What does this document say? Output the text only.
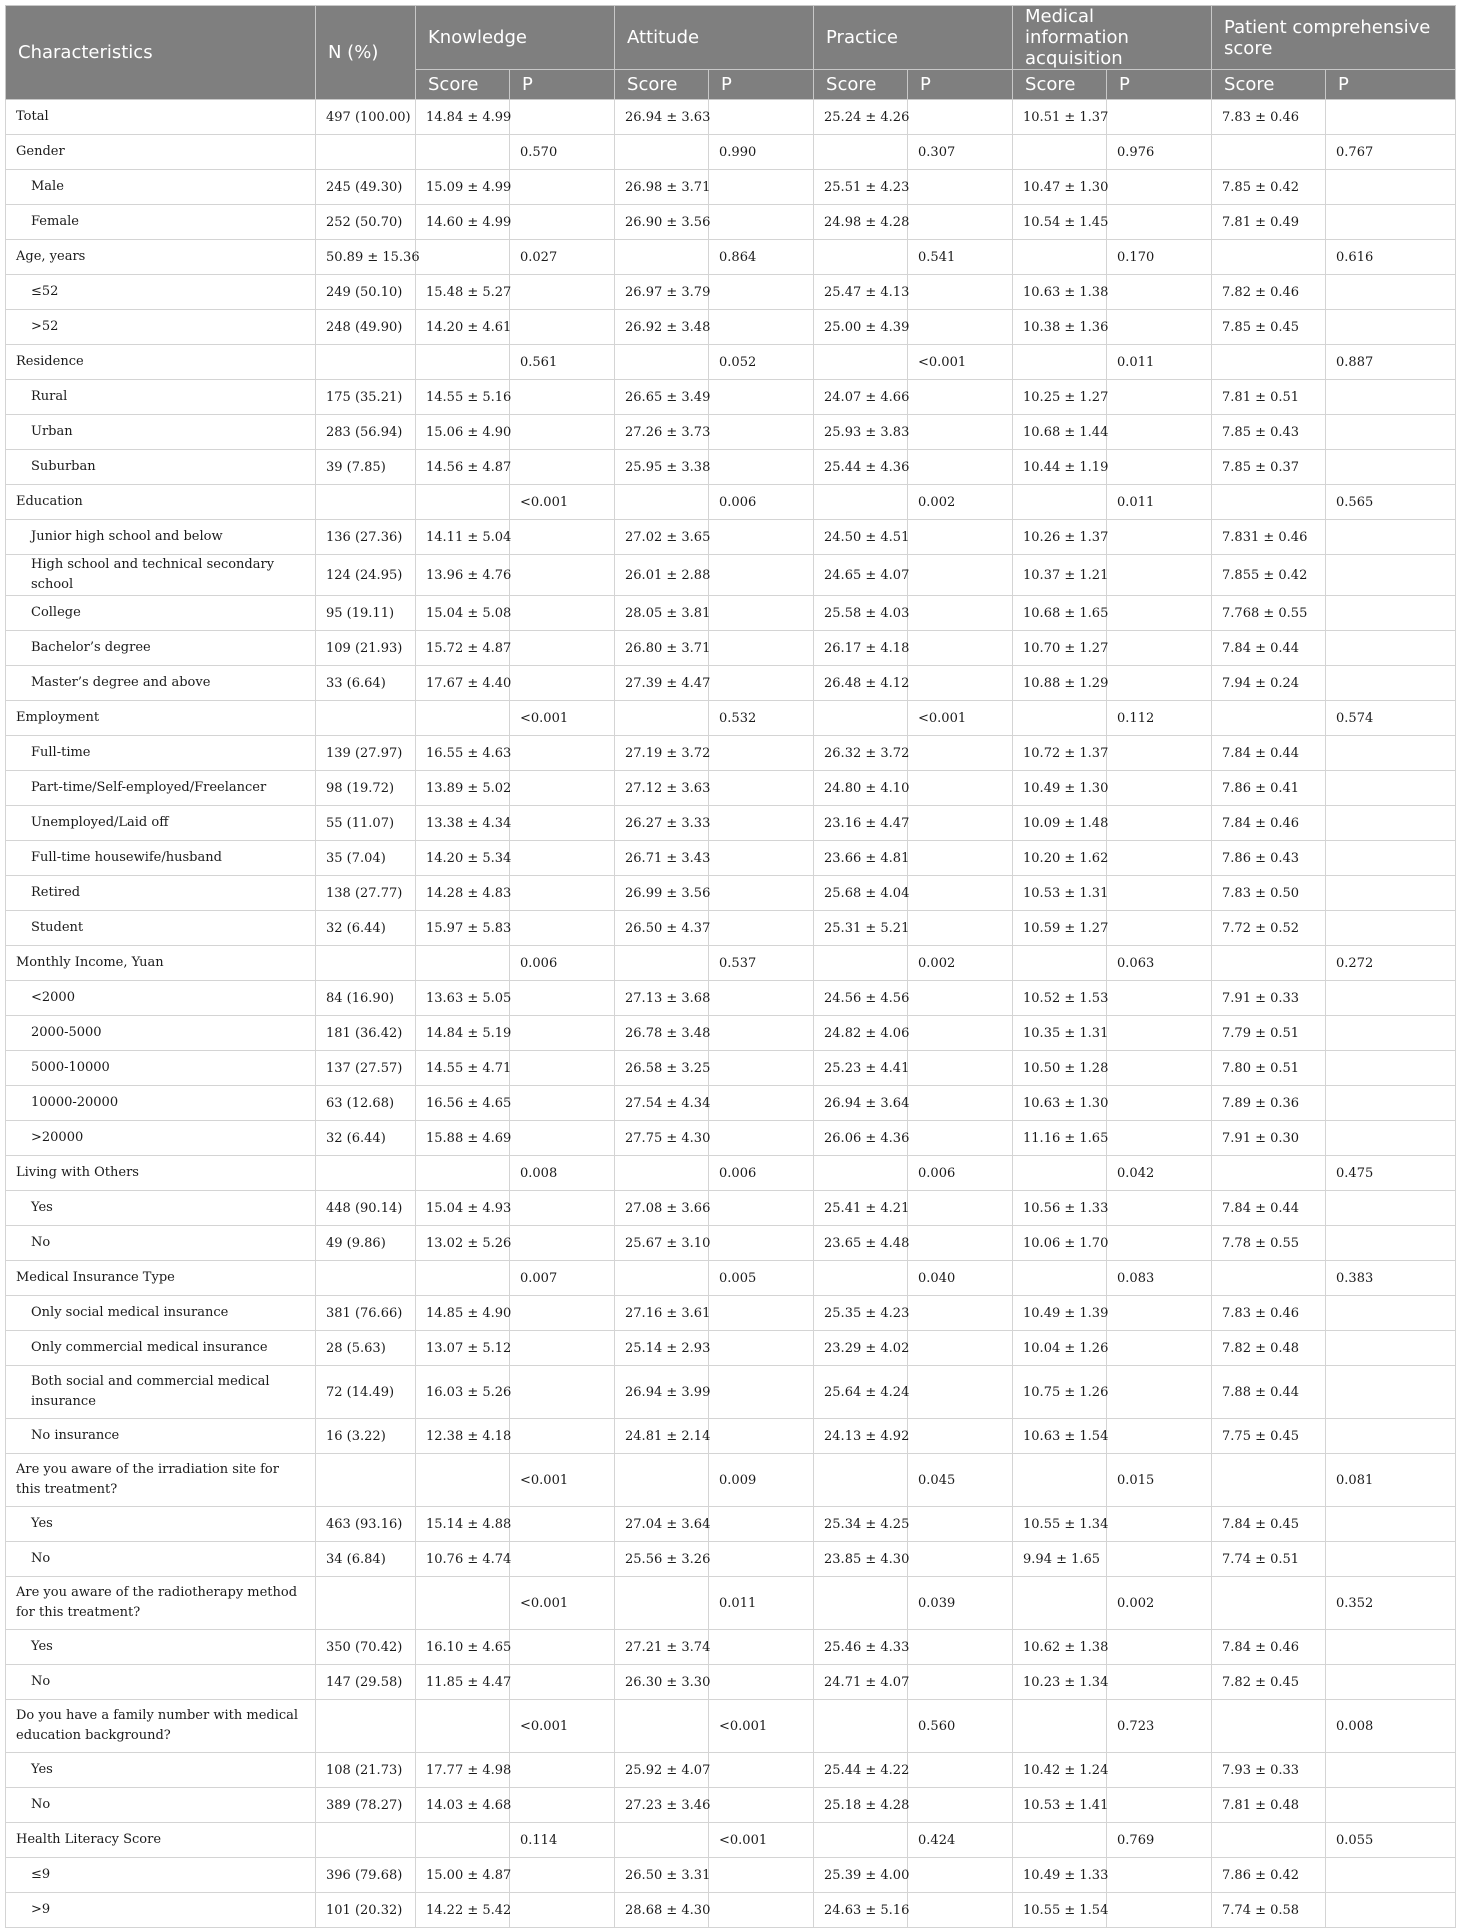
Characteristics	N (%)	Knowledge		Attitude		Practice		Medical information acquisition		Patient comprehensive score	
		Score	P	Score	P	Score	P	Score	P	Score	P
Total	497 (100.00)	14.84 ± 4.99		26.94 ± 3.63		25.24 ± 4.26		10.51 ± 1.37		7.83 ± 0.46	
Gender			0.570		0.990		0.307		0.976		0.767
Male	245 (49.30)	15.09 ± 4.99		26.98 ± 3.71		25.51 ± 4.23		10.47 ± 1.30		7.85 ± 0.42	
Female	252 (50.70)	14.60 ± 4.99		26.90 ± 3.56		24.98 ± 4.28		10.54 ± 1.45		7.81 ± 0.49	
Age, years	50.89 ± 15.36		0.027		0.864		0.541		0.170		0.616
≤52	249 (50.10)	15.48 ± 5.27		26.97 ± 3.79		25.47 ± 4.13		10.63 ± 1.38		7.82 ± 0.46	
>52	248 (49.90)	14.20 ± 4.61		26.92 ± 3.48		25.00 ± 4.39		10.38 ± 1.36		7.85 ± 0.45	
Residence			0.561		0.052		<0.001		0.011		0.887
Rural	175 (35.21)	14.55 ± 5.16		26.65 ± 3.49		24.07 ± 4.66		10.25 ± 1.27		7.81 ± 0.51	
Urban	283 (56.94)	15.06 ± 4.90		27.26 ± 3.73		25.93 ± 3.83		10.68 ± 1.44		7.85 ± 0.43	
Suburban	39 (7.85)	14.56 ± 4.87		25.95 ± 3.38		25.44 ± 4.36		10.44 ± 1.19		7.85 ± 0.37	
Education			<0.001		0.006		0.002		0.011		0.565
Junior high school and below	136 (27.36)	14.11 ± 5.04		27.02 ± 3.65		24.50 ± 4.51		10.26 ± 1.37		7.831 ± 0.46	
High school and technical secondary school	124 (24.95)	13.96 ± 4.76		26.01 ± 2.88		24.65 ± 4.07		10.37 ± 1.21		7.855 ± 0.42	
College	95 (19.11)	15.04 ± 5.08		28.05 ± 3.81		25.58 ± 4.03		10.68 ± 1.65		7.768 ± 0.55	
Bachelor’s degree	109 (21.93)	15.72 ± 4.87		26.80 ± 3.71		26.17 ± 4.18		10.70 ± 1.27		7.84 ± 0.44	
Master’s degree and above	33 (6.64)	17.67 ± 4.40		27.39 ± 4.47		26.48 ± 4.12		10.88 ± 1.29		7.94 ± 0.24	
Employment			<0.001		0.532		<0.001		0.112		0.574
Full-time	139 (27.97)	16.55 ± 4.63		27.19 ± 3.72		26.32 ± 3.72		10.72 ± 1.37		7.84 ± 0.44	
Part-time/Self-employed/Freelancer	98 (19.72)	13.89 ± 5.02		27.12 ± 3.63		24.80 ± 4.10		10.49 ± 1.30		7.86 ± 0.41	
Unemployed/Laid off	55 (11.07)	13.38 ± 4.34		26.27 ± 3.33		23.16 ± 4.47		10.09 ± 1.48		7.84 ± 0.46	
Full-time housewife/husband	35 (7.04)	14.20 ± 5.34		26.71 ± 3.43		23.66 ± 4.81		10.20 ± 1.62		7.86 ± 0.43	
Retired	138 (27.77)	14.28 ± 4.83		26.99 ± 3.56		25.68 ± 4.04		10.53 ± 1.31		7.83 ± 0.50	
Student	32 (6.44)	15.97 ± 5.83		26.50 ± 4.37		25.31 ± 5.21		10.59 ± 1.27		7.72 ± 0.52	
Monthly Income, Yuan			0.006		0.537		0.002		0.063		0.272
<2000	84 (16.90)	13.63 ± 5.05		27.13 ± 3.68		24.56 ± 4.56		10.52 ± 1.53		7.91 ± 0.33	
2000-5000	181 (36.42)	14.84 ± 5.19		26.78 ± 3.48		24.82 ± 4.06		10.35 ± 1.31		7.79 ± 0.51	
5000-10000	137 (27.57)	14.55 ± 4.71		26.58 ± 3.25		25.23 ± 4.41		10.50 ± 1.28		7.80 ± 0.51	
10000-20000	63 (12.68)	16.56 ± 4.65		27.54 ± 4.34		26.94 ± 3.64		10.63 ± 1.30		7.89 ± 0.36	
>20000	32 (6.44)	15.88 ± 4.69		27.75 ± 4.30		26.06 ± 4.36		11.16 ± 1.65		7.91 ± 0.30	
Living with Others			0.008		0.006		0.006		0.042		0.475
Yes	448 (90.14)	15.04 ± 4.93		27.08 ± 3.66		25.41 ± 4.21		10.56 ± 1.33		7.84 ± 0.44	
No	49 (9.86)	13.02 ± 5.26		25.67 ± 3.10		23.65 ± 4.48		10.06 ± 1.70		7.78 ± 0.55	
Medical Insurance Type			0.007		0.005		0.040		0.083		0.383
Only social medical insurance	381 (76.66)	14.85 ± 4.90		27.16 ± 3.61		25.35 ± 4.23		10.49 ± 1.39		7.83 ± 0.46	
Only commercial medical insurance	28 (5.63)	13.07 ± 5.12		25.14 ± 2.93		23.29 ± 4.02		10.04 ± 1.26		7.82 ± 0.48	
Both social and commercial medical insurance	72 (14.49)	16.03 ± 5.26		26.94 ± 3.99		25.64 ± 4.24		10.75 ± 1.26		7.88 ± 0.44	
No insurance	16 (3.22)	12.38 ± 4.18		24.81 ± 2.14		24.13 ± 4.92		10.63 ± 1.54		7.75 ± 0.45	
Are you aware of the irradiation site for this treatment?			<0.001		0.009		0.045		0.015		0.081
Yes	463 (93.16)	15.14 ± 4.88		27.04 ± 3.64		25.34 ± 4.25		10.55 ± 1.34		7.84 ± 0.45	
No	34 (6.84)	10.76 ± 4.74		25.56 ± 3.26		23.85 ± 4.30		9.94 ± 1.65		7.74 ± 0.51	
Are you aware of the radiotherapy method for this treatment?			<0.001		0.011		0.039		0.002		0.352
Yes	350 (70.42)	16.10 ± 4.65		27.21 ± 3.74		25.46 ± 4.33		10.62 ± 1.38		7.84 ± 0.46	
No	147 (29.58)	11.85 ± 4.47		26.30 ± 3.30		24.71 ± 4.07		10.23 ± 1.34		7.82 ± 0.45	
Do you have a family number with medical education background?			<0.001		<0.001		0.560		0.723		0.008
Yes	108 (21.73)	17.77 ± 4.98		25.92 ± 4.07		25.44 ± 4.22		10.42 ± 1.24		7.93 ± 0.33	
No	389 (78.27)	14.03 ± 4.68		27.23 ± 3.46		25.18 ± 4.28		10.53 ± 1.41		7.81 ± 0.48	
Health Literacy Score			0.114		<0.001		0.424		0.769		0.055
≤9	396 (79.68)	15.00 ± 4.87		26.50 ± 3.31		25.39 ± 4.00		10.49 ± 1.33		7.86 ± 0.42	
>9	101 (20.32)	14.22 ± 5.42		28.68 ± 4.30		24.63 ± 5.16		10.55 ± 1.54		7.74 ± 0.58	
